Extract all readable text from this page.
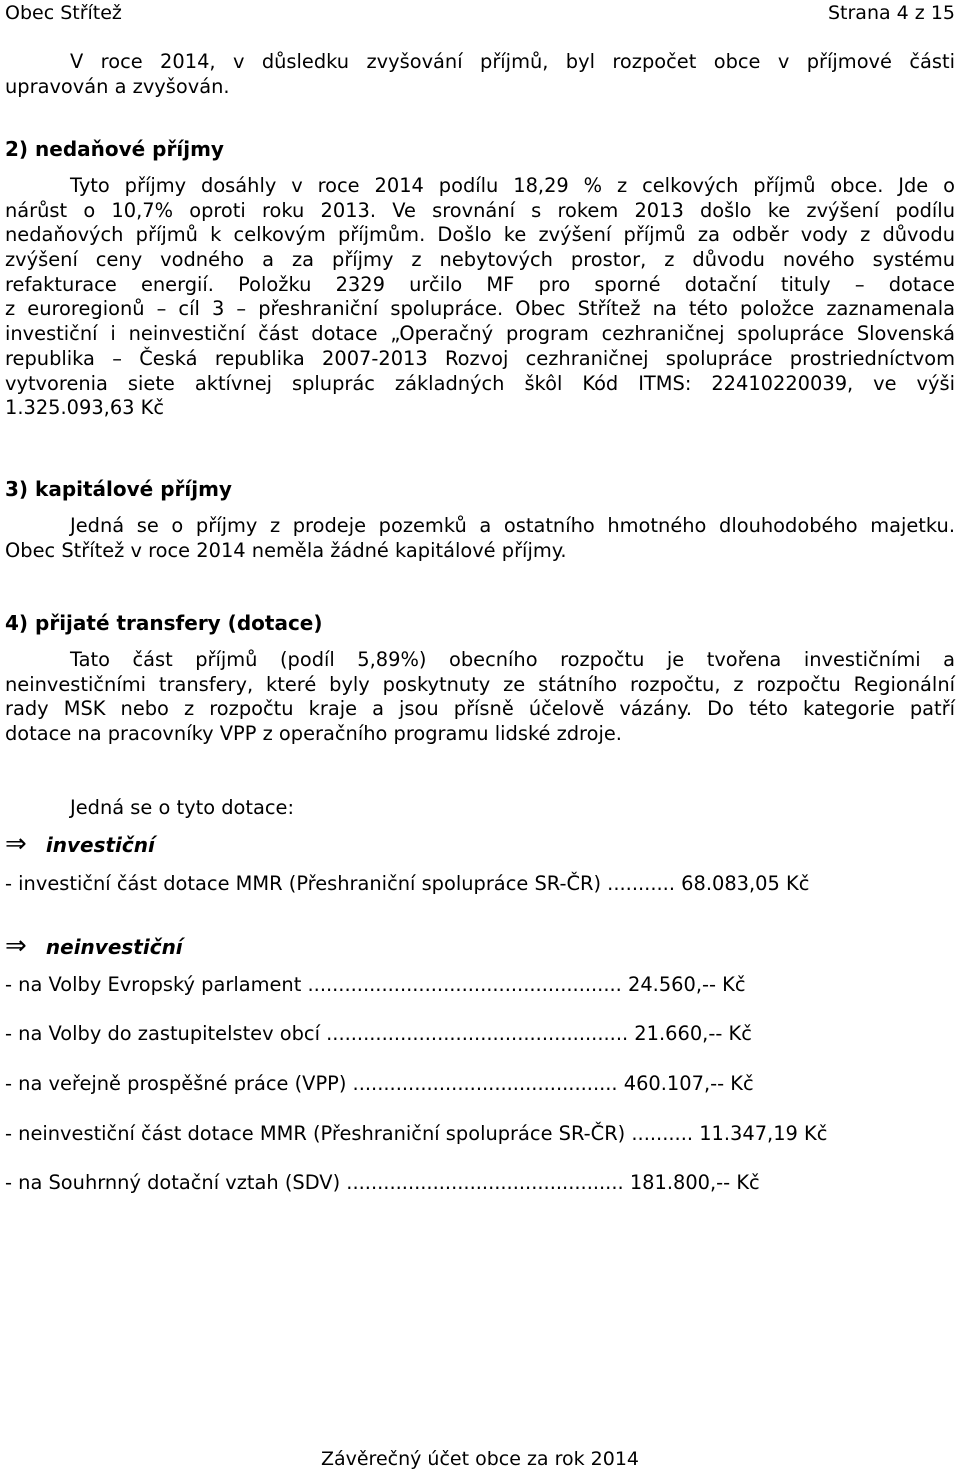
Obec Střítež	Strana 4 z 15
V roce 2014, v důsledku zvyšování příjmů, byl rozpočet obce v příjmové části
upravován a zvyšován.
2) nedaňové příjmy
Tyto příjmy dosáhly v roce 2014 podílu 18,29 % z celkových příjmů obce. Jde o
nárůst o 10,7% oproti roku 2013. Ve srovnání s rokem 2013 došlo ke zvýšení podílu
nedaňových příjmů k celkovým příjmům. Došlo ke zvýšení příjmů za odběr vody z důvodu
zvýšení ceny vodného a za příjmy z nebytových prostor, z důvodu nového systému
refakturace energií. Položku 2329 určilo MF pro sporné dotační tituly – dotace
z euroregionů – cíl 3 – přeshraniční spolupráce. Obec Střítež na této položce zaznamenala
investiční i neinvestiční část dotace „Operačný program cezhraničnej spolupráce Slovenská
republika – Česká republika 2007-2013 Rozvoj cezhraničnej spolupráce prostriedníctvom
vytvorenia siete aktívnej spluprác základných škôl Kód ITMS: 22410220039, ve výši
1.325.093,63 Kč
3) kapitálové příjmy
Jedná se o příjmy z prodeje pozemků a ostatního hmotného dlouhodobého majetku.
Obec Střítež v roce 2014 neměla žádné kapitálové příjmy.
4) přijaté transfery (dotace)
Tato část příjmů (podíl 5,89%) obecního rozpočtu je tvořena investičními a
neinvestičními transfery, které byly poskytnuty ze státního rozpočtu, z rozpočtu Regionální
rady MSK nebo z rozpočtu kraje a jsou přísně účelově vázány. Do této kategorie patří
dotace na pracovníky VPP z operačního programu lidské zdroje.
Jedná se o tyto dotace:
⇒ investiční
- investiční část dotace MMR (Přeshraniční spolupráce SR-ČR) ........... 68.083,05 Kč
⇒ neinvestiční
- na Volby Evropský parlament ................................................... 24.560,-- Kč
- na Volby do zastupitelstev obcí ................................................. 21.660,-- Kč
- na veřejně prospěšné práce (VPP) ........................................... 460.107,-- Kč
- neinvestiční část dotace MMR (Přeshraniční spolupráce SR-ČR) .......... 11.347,19 Kč
- na Souhrnný dotační vztah (SDV) ............................................. 181.800,-- Kč
Závěrečný účet obce za rok 2014
